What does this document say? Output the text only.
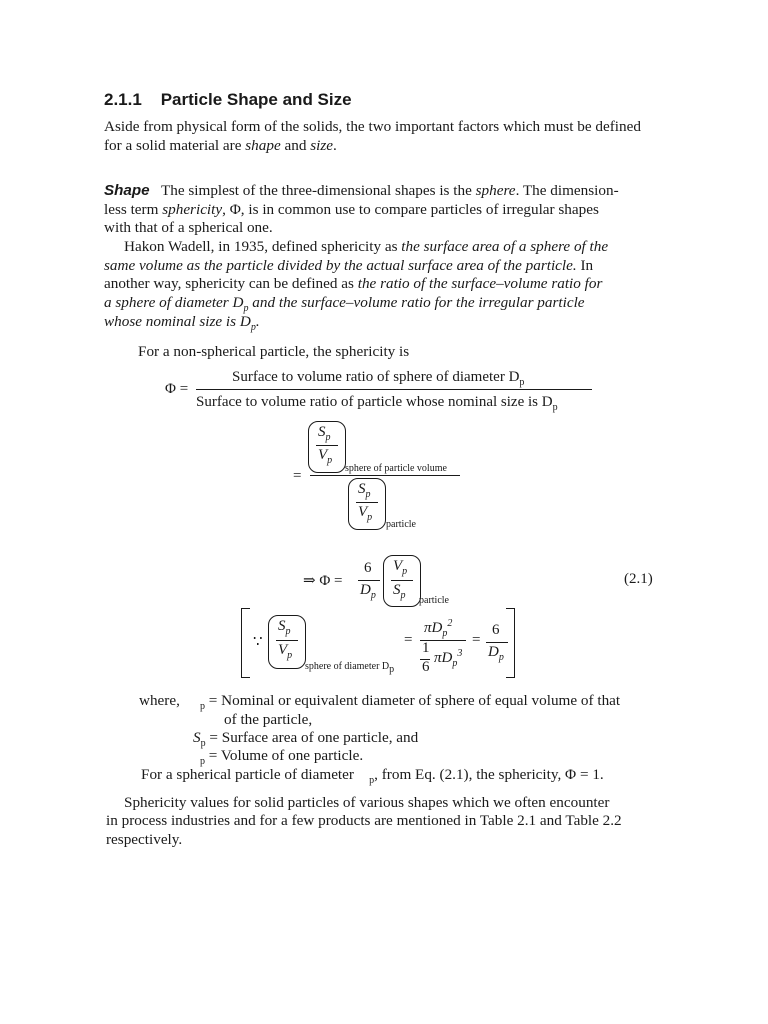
2.1.1 Particle Shape and Size
Aside from physical form of the solids, the two important factors which must be defined
for a solid material are shape and size.
Shape The simplest of the three-dimensional shapes is the sphere. The dimension-
less term sphericity, Φ, is in common use to compare particles of irregular shapes
with that of a spherical one.
Hakon Wadell, in 1935, defined sphericity as the surface area of a sphere of the
same volume as the particle divided by the actual surface area of the particle. In
another way, sphericity can be defined as the ratio of the surface–volume ratio for
a sphere of diameter $D_p$ and the surface–volume ratio for the irregular particle
whose nominal size is $D_p$.
For a non-spherical particle, the sphericity is
Φ =
Surface to volume ratio of sphere of diameter $D_p$
Surface to volume ratio of particle whose nominal size is $D_p$
=
$S_p$
$V_p$
sphere of particle volume
$S_p$
$V_p$
particle
⇒ Φ =
6
$D_p$
$V_p$
$S_p$ particle
(2.1)
∵
$S_p$
$V_p$
sphere of diameter $D_p$
=
$\pi D_p^2$
1
6
$\pi D_p^3$
=
6
$D_p$
where, $_p$ = Nominal or equivalent diameter of sphere of equal volume of that
of the particle,
$S_p$ = Surface area of one particle, and
$_p$ = Volume of one particle.
For a spherical particle of diameter $_p$, from Eq. (2.1), the sphericity, Φ = 1.
Sphericity values for solid particles of various shapes which we often encounter
in process industries and for a few products are mentioned in Table 2.1 and Table 2.2
respectively.
